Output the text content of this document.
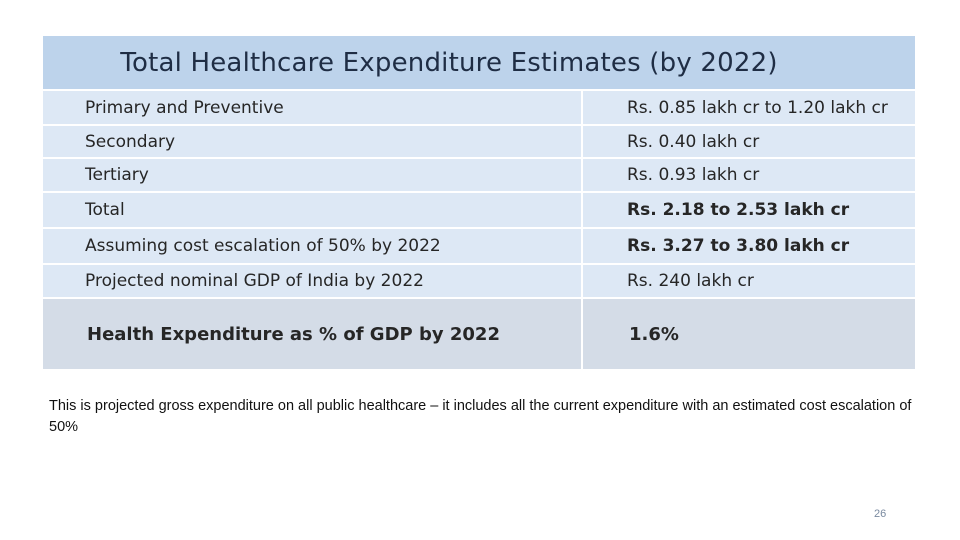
Total Healthcare Expenditure Estimates (by 2022)
Primary and Preventive	Rs. 0.85 lakh cr to 1.20 lakh cr
Secondary	Rs. 0.40 lakh cr
Tertiary	Rs. 0.93 lakh cr
Total	Rs. 2.18 to 2.53 lakh cr
Assuming cost escalation of 50% by 2022	Rs. 3.27 to 3.80 lakh cr
Projected nominal GDP of India by 2022	Rs. 240 lakh cr
Health Expenditure as % of GDP by 2022	1.6%
This is projected gross expenditure on all public healthcare – it includes all the current expenditure with an estimated cost escalation of 50%
26
